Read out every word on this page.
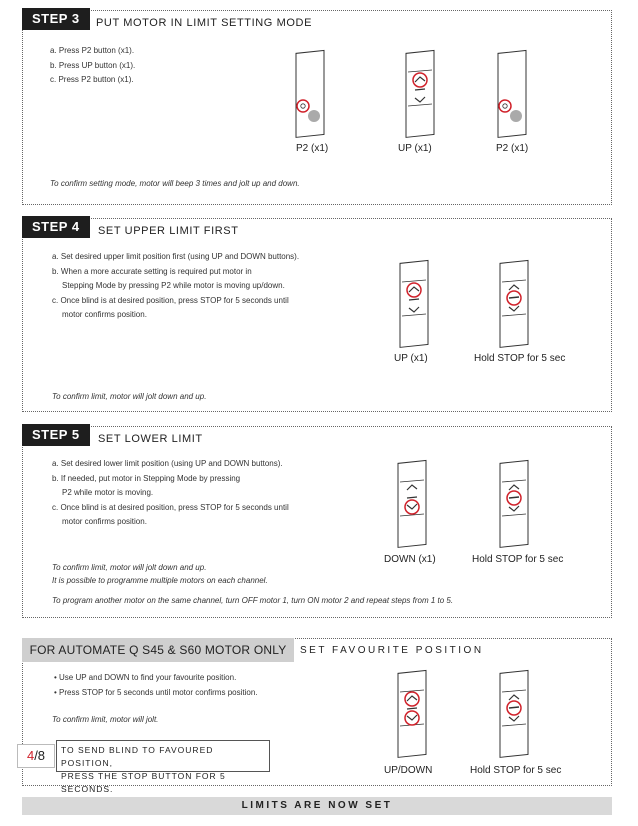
STEP 3	PUT MOTOR IN LIMIT SETTING MODE
a. Press P2 button (x1).
b. Press UP button (x1).
c. Press P2 button (x1).
P2 (x1)	UP (x1)	P2 (x1)
To confirm setting mode, motor will beep 3 times and jolt up and down.
STEP 4	SET UPPER LIMIT FIRST
a. Set desired upper limit position first (using UP and DOWN buttons).
b. When a more accurate setting is required put motor in
Stepping Mode by pressing P2 while motor is moving up/down.
c. Once blind is at desired position, press STOP for 5 seconds until
motor confirms position.
UP (x1)	Hold STOP for 5 sec
To confirm limit, motor will jolt down and up.
STEP 5	SET LOWER LIMIT
a. Set desired lower limit position (using UP and DOWN buttons).
b. If needed, put motor in Stepping Mode by pressing
P2 while motor is moving.
c. Once blind is at desired position, press STOP for 5 seconds until
motor confirms position.
DOWN (x1)	Hold STOP for 5 sec
To confirm limit, motor will jolt down and up.
It is possible to programme multiple motors on each channel.
To program another motor on the same channel, turn OFF motor 1, turn ON motor 2 and repeat steps from 1 to 5.
FOR AUTOMATE Q S45 & S60 MOTOR ONLY	SET FAVOURITE POSITION
• Use UP and DOWN to find your favourite position.
• Press STOP for 5 seconds until motor confirms position.
To confirm limit, motor will jolt.
4/8	TO SEND BLIND TO FAVOURED POSITION,
PRESS THE STOP BUTTON FOR 5 SECONDS.
UP/DOWN	Hold STOP for 5 sec
LIMITS ARE NOW SET
